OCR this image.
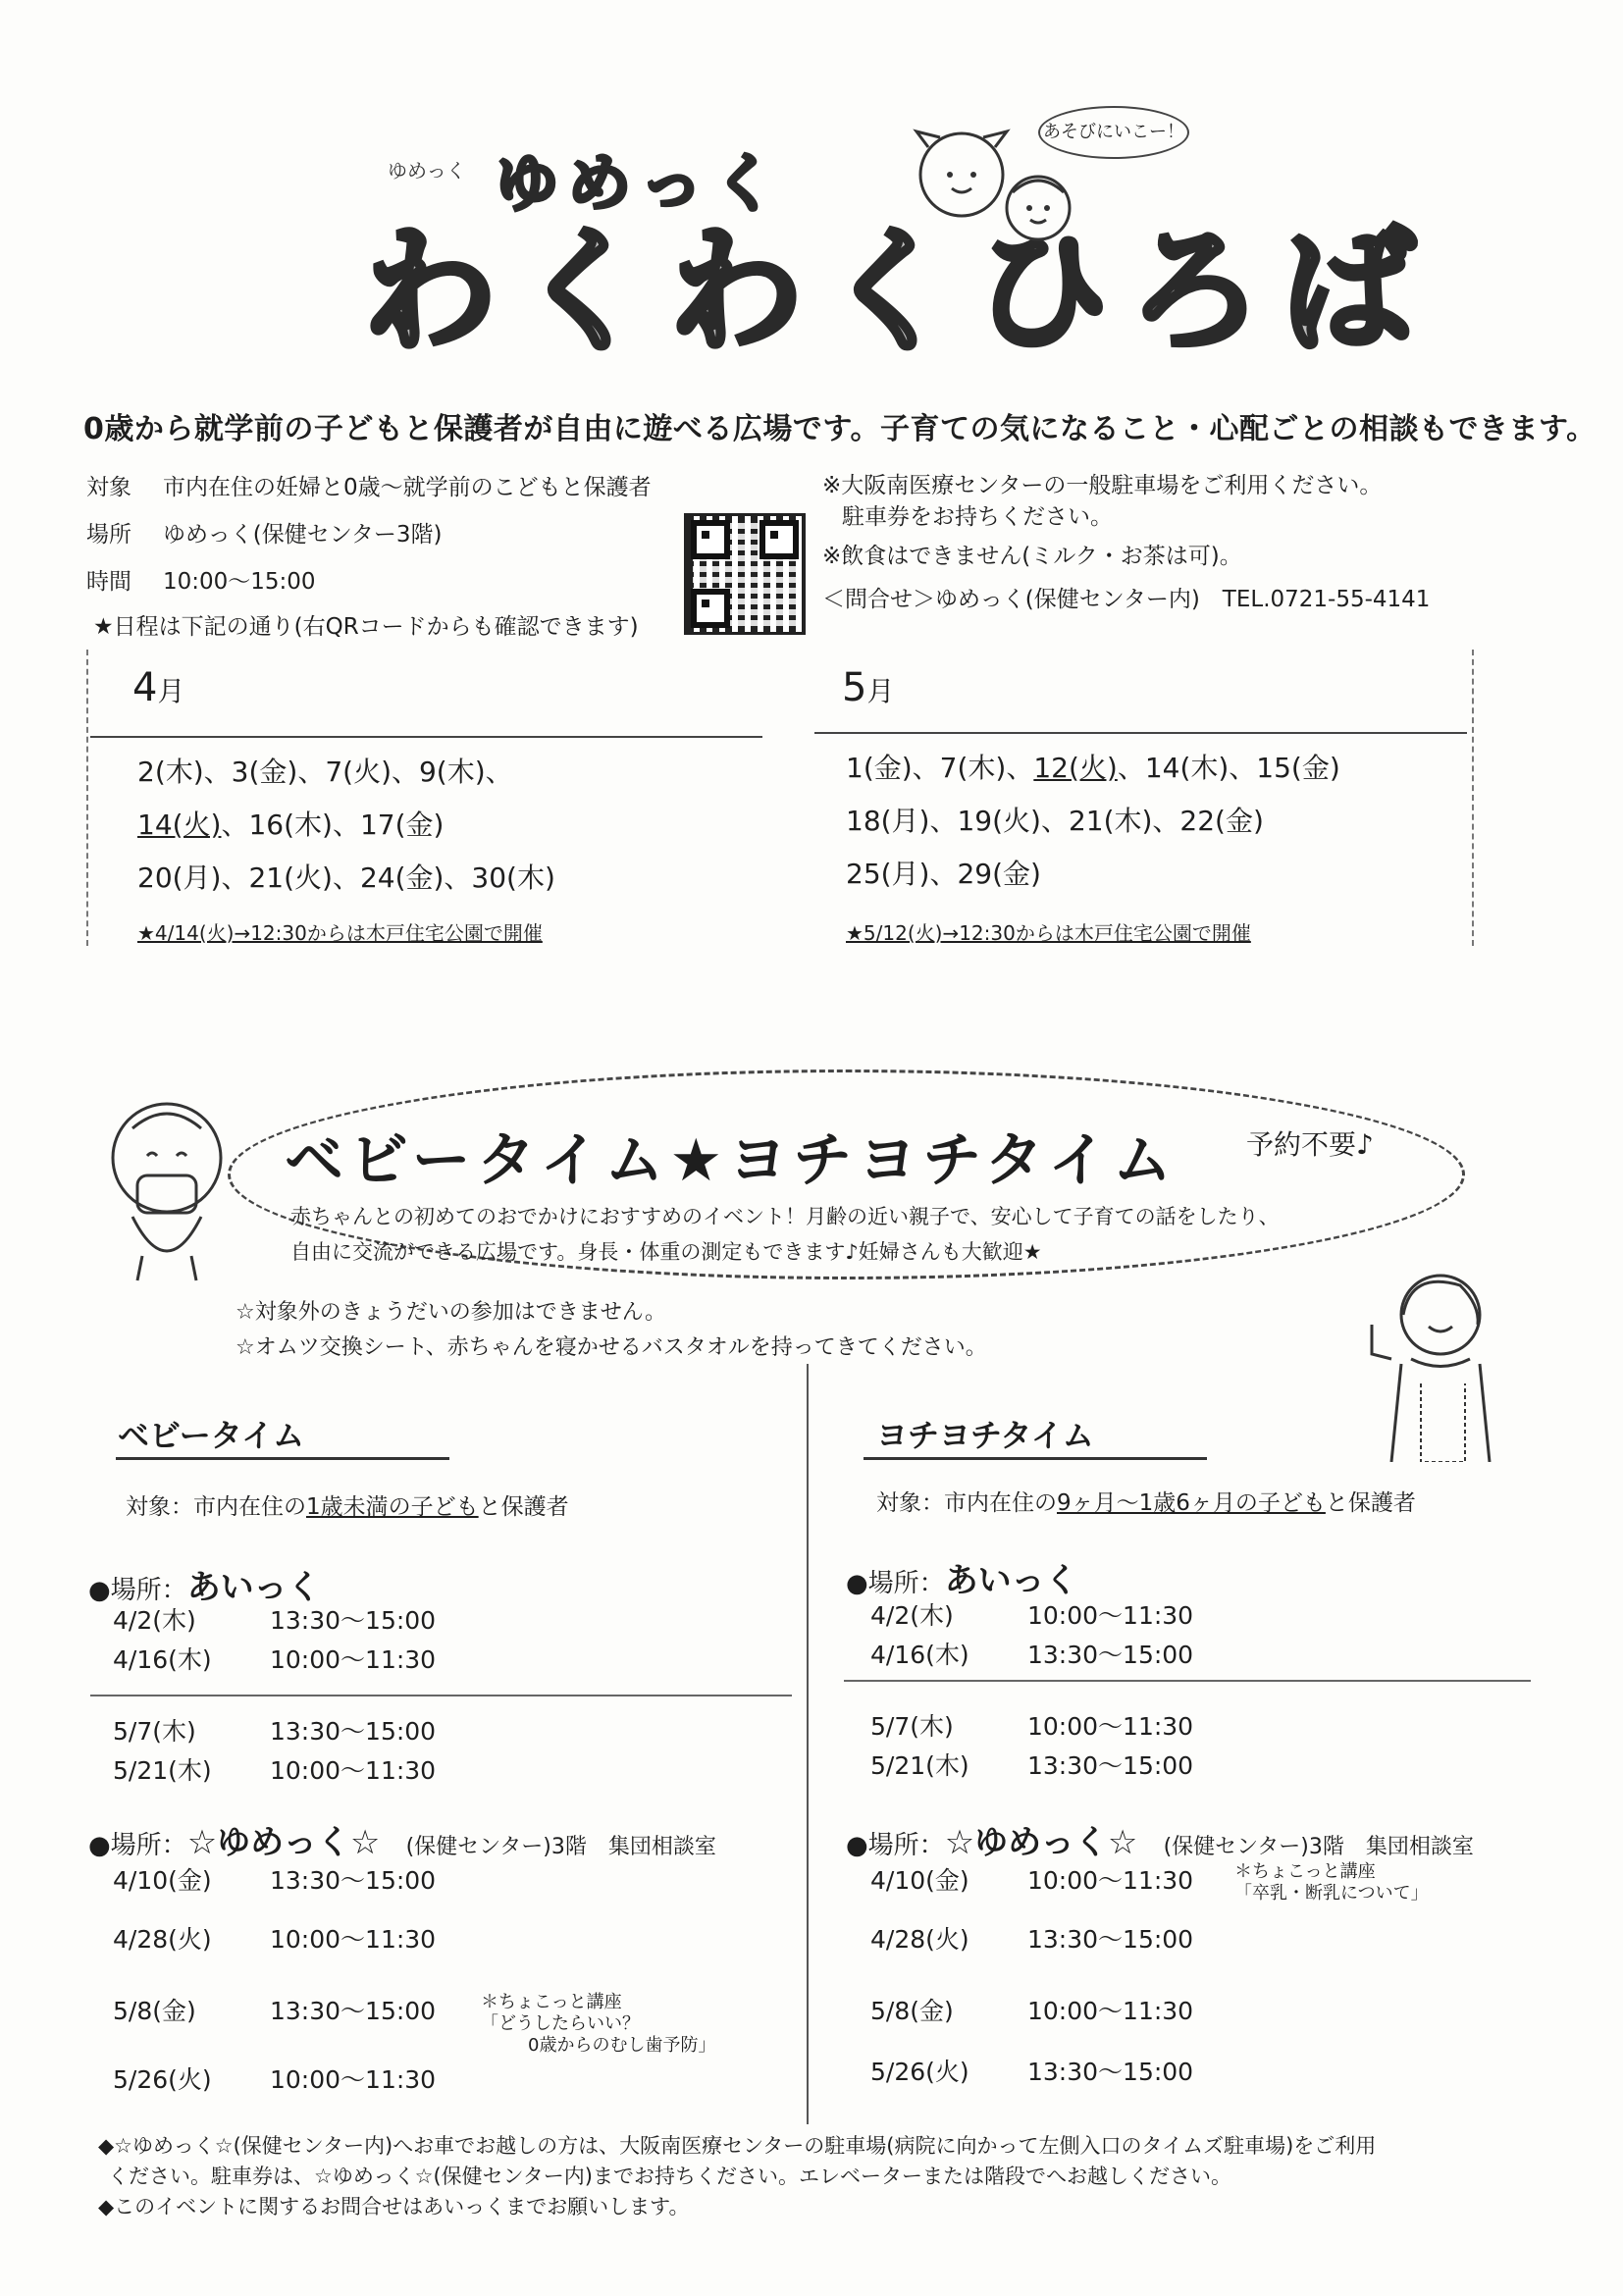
ゆめっく ゆめっく
わくわくひろば
あそびにいこー！
0歳から就学前の子どもと保護者が自由に遊べる広場です。子育ての気になること・心配ごとの相談もできます。
対象 市内在住の妊婦と0歳～就学前のこどもと保護者
場所 ゆめっく(保健センター3階)
時間 10:00～15:00
★日程は下記の通り(右QRコードからも確認できます)
※大阪南医療センターの一般駐車場をご利用ください。
駐車券をお持ちください。
※飲食はできません(ミルク・お茶は可)。
＜問合せ＞ゆめっく(保健センター内)　TEL.0721-55-4141
4月
2(木)、3(金)、7(火)、9(木)、
14(火)、16(木)、17(金)
20(月)、21(火)、24(金)、30(木)
★4/14(火)→12:30からは木戸住宅公園で開催
5月
1(金)、7(木)、12(火)、14(木)、15(金)
18(月)、19(火)、21(木)、22(金)
25(月)、29(金)
★5/12(火)→12:30からは木戸住宅公園で開催
ベビータイム★ヨチヨチタイム	予約不要♪
赤ちゃんとの初めてのおでかけにおすすめのイベント！月齢の近い親子で、安心して子育ての話をしたり、
自由に交流ができる広場です。身長・体重の測定もできます♪妊婦さんも大歓迎★
☆対象外のきょうだいの参加はできません。
☆オムツ交換シート、赤ちゃんを寝かせるバスタオルを持ってきてください。
ベビータイム
対象：市内在住の1歳未満の子どもと保護者
●場所：あいっく
4/2(木)	13:30～15:00
4/16(木) 10:00～11:30
5/7(木)	13:30～15:00
5/21(木) 10:00～11:30
●場所：☆ゆめっく☆ (保健センター)3階　集団相談室
4/10(金) 13:30～15:00
4/28(火) 10:00～11:30
5/8(金)	13:30～15:00
5/26(火) 10:00～11:30
＊ちょこっと講座
「どうしたらいい？
0歳からのむし歯予防」
ヨチヨチタイム
対象：市内在住の9ヶ月～1歳6ヶ月の子どもと保護者
●場所：あいっく
4/2(木)	10:00～11:30
4/16(木) 13:30～15:00
5/7(木)	10:00～11:30
5/21(木) 13:30～15:00
●場所：☆ゆめっく☆ (保健センター)3階　集団相談室
4/10(金) 10:00～11:30
4/28(火) 13:30～15:00
5/8(金)	10:00～11:30
5/26(火) 13:30～15:00
＊ちょこっと講座
「卒乳・断乳について」
◆☆ゆめっく☆(保健センター内)へお車でお越しの方は、大阪南医療センターの駐車場(病院に向かって左側入口のタイムズ駐車場)をご利用
ください。駐車券は、☆ゆめっく☆(保健センター内)までお持ちください。エレベーターまたは階段でへお越しください。
◆このイベントに関するお問合せはあいっくまでお願いします。
